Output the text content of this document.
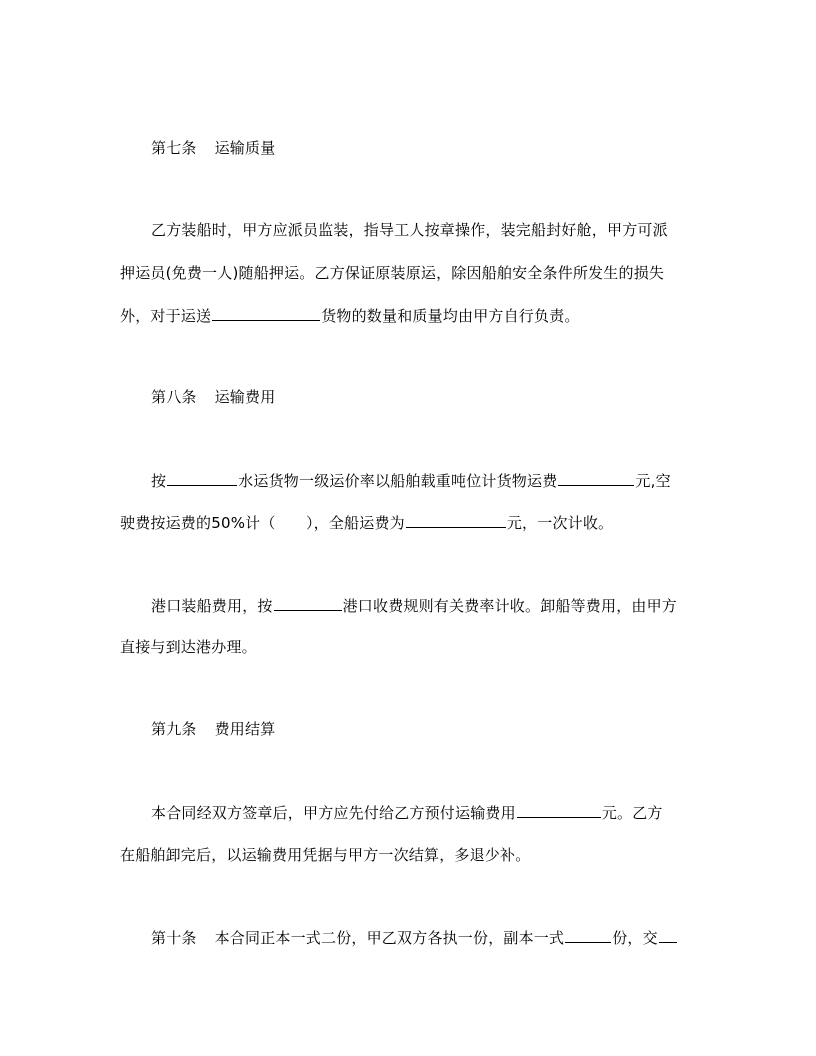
第七条 运输质量
乙方装船时，甲方应派员监装，指导工人按章操作，装完船封好舱，甲方可派
押运员(免费一人)随船押运。乙方保证原装原运，除因船舶安全条件所发生的损失
外，对于运送	货物的数量和质量均由甲方自行负责。
第八条 运输费用
按	水运货物一级运价率以船舶载重吨位计货物运费	元,空
驶费按运费的50%计（　　），全船运费为	元，一次计收。
港口装船费用，按	港口收费规则有关费率计收。卸船等费用，由甲方
直接与到达港办理。
第九条 费用结算
本合同经双方签章后，甲方应先付给乙方预付运输费用	元。乙方
在船舶卸完后，以运输费用凭据与甲方一次结算，多退少补。
第十条 本合同正本一式二份，甲乙双方各执一份，副本一式	份，交
